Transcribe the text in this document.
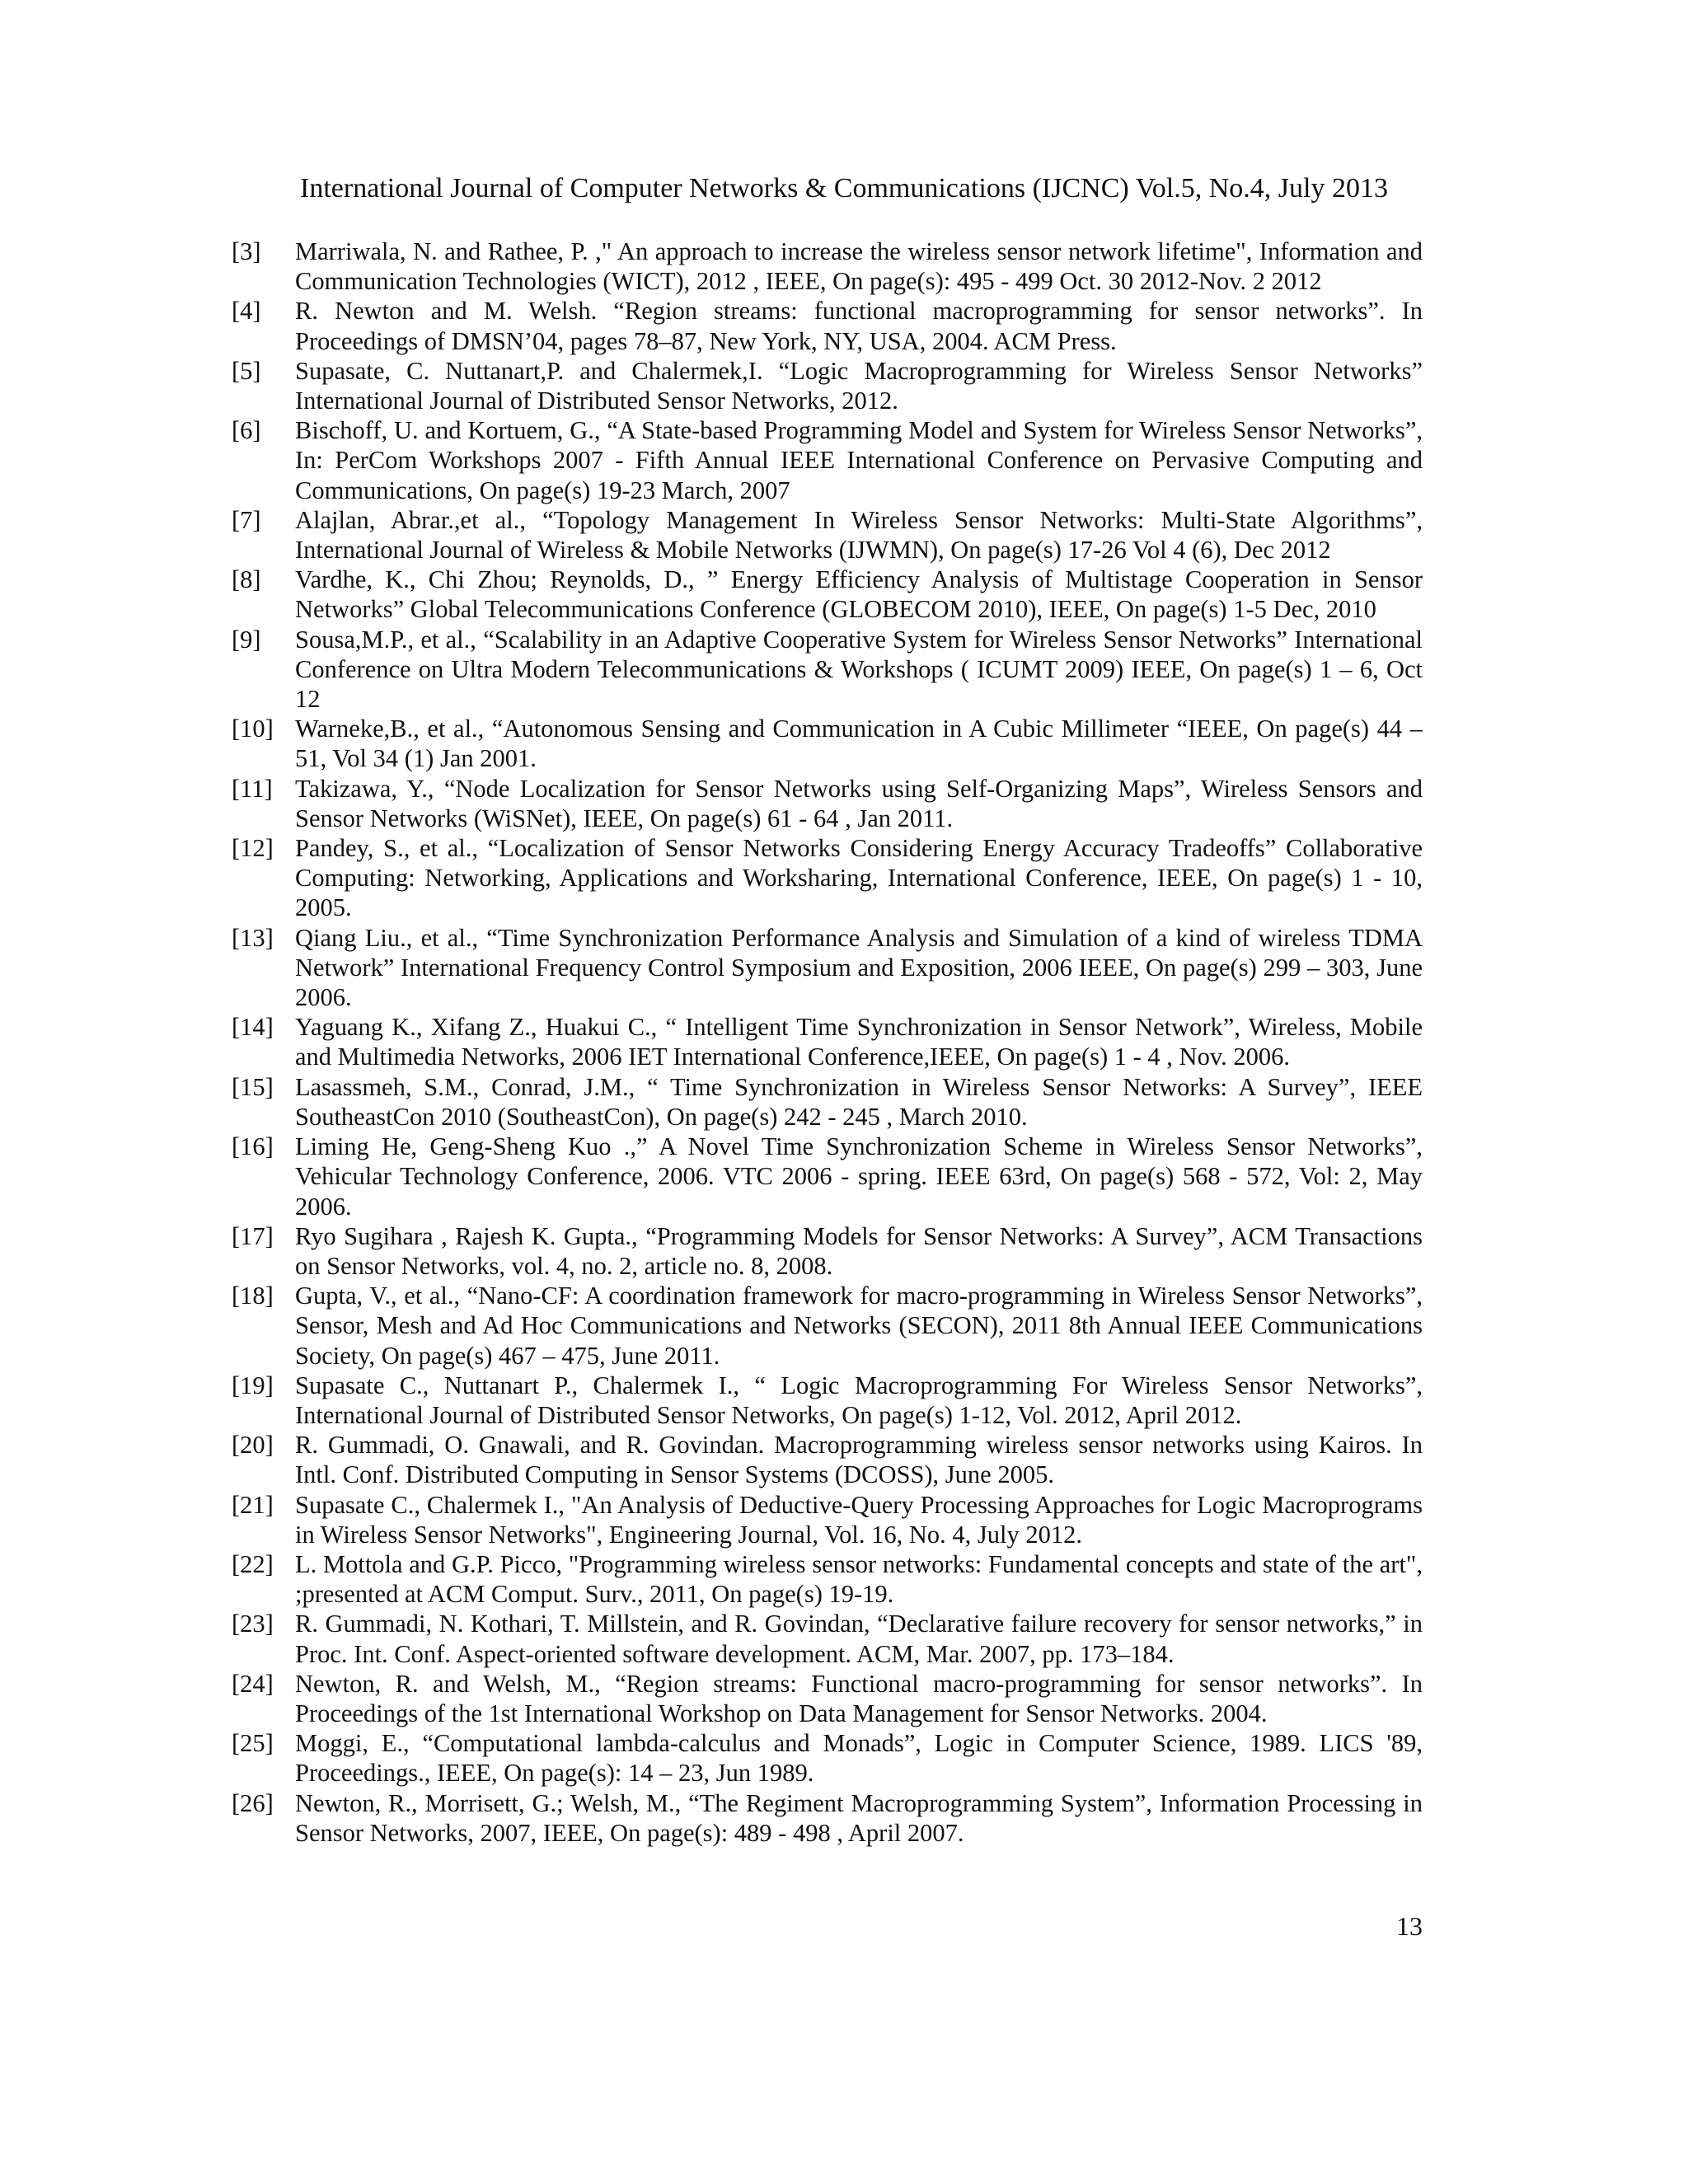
International Journal of Computer Networks & Communications (IJCNC) Vol.5, No.4, July 2013
[3]	Marriwala, N. and Rathee, P. ," An approach to increase the wireless sensor network lifetime", Information and Communication Technologies (WICT), 2012 , IEEE, On page(s): 495 - 499 Oct. 30 2012-Nov. 2 2012
[4]	R. Newton and M. Welsh. “Region streams: functional macroprogramming for sensor networks”. In Proceedings of DMSN’04, pages 78–87, New York, NY, USA, 2004. ACM Press.
[5]	Supasate, C. Nuttanart,P. and Chalermek,I. “Logic Macroprogramming for Wireless Sensor Networks” International Journal of Distributed Sensor Networks, 2012.
[6]	Bischoff, U. and Kortuem, G., “A State-based Programming Model and System for Wireless Sensor Networks”, In: PerCom Workshops 2007 - Fifth Annual IEEE International Conference on Pervasive Computing and Communications, On page(s) 19-23 March, 2007
[7]	Alajlan, Abrar.,et al., “Topology Management In Wireless Sensor Networks: Multi-State Algorithms”, International Journal of Wireless & Mobile Networks (IJWMN), On page(s) 17-26 Vol 4 (6), Dec 2012
[8]	Vardhe, K., Chi Zhou; Reynolds, D., ” Energy Efficiency Analysis of Multistage Cooperation in Sensor Networks” Global Telecommunications Conference (GLOBECOM 2010), IEEE, On page(s) 1-5 Dec, 2010
[9]	Sousa,M.P., et al., “Scalability in an Adaptive Cooperative System for Wireless Sensor Networks” International Conference on Ultra Modern Telecommunications & Workshops ( ICUMT 2009) IEEE, On page(s) 1 – 6, Oct 12
[10] Warneke,B., et al., “Autonomous Sensing and Communication in A Cubic Millimeter “IEEE, On page(s) 44 – 51, Vol 34 (1) Jan 2001.
[11] Takizawa, Y., “Node Localization for Sensor Networks using Self-Organizing Maps”, Wireless Sensors and Sensor Networks (WiSNet), IEEE, On page(s) 61 - 64 , Jan 2011.
[12] Pandey, S., et al., “Localization of Sensor Networks Considering Energy Accuracy Tradeoffs” Collaborative Computing: Networking, Applications and Worksharing, International Conference, IEEE, On page(s) 1 - 10, 2005.
[13] Qiang Liu., et al., “Time Synchronization Performance Analysis and Simulation of a kind of wireless TDMA Network” International Frequency Control Symposium and Exposition, 2006 IEEE, On page(s) 299 – 303, June 2006.
[14] Yaguang K., Xifang Z., Huakui C., “ Intelligent Time Synchronization in Sensor Network”, Wireless, Mobile and Multimedia Networks, 2006 IET International Conference,IEEE, On page(s) 1 - 4 , Nov. 2006.
[15] Lasassmeh, S.M., Conrad, J.M., “ Time Synchronization in Wireless Sensor Networks: A Survey”, IEEE SoutheastCon 2010 (SoutheastCon), On page(s) 242 - 245 , March 2010.
[16] Liming He, Geng-Sheng Kuo .,” A Novel Time Synchronization Scheme in Wireless Sensor Networks”, Vehicular Technology Conference, 2006. VTC 2006 - spring. IEEE 63rd, On page(s) 568 - 572, Vol: 2, May 2006.
[17] Ryo Sugihara , Rajesh K. Gupta., “Programming Models for Sensor Networks: A Survey”, ACM Transactions on Sensor Networks, vol. 4, no. 2, article no. 8, 2008.
[18] Gupta, V., et al., “Nano-CF: A coordination framework for macro-programming in Wireless Sensor Networks”, Sensor, Mesh and Ad Hoc Communications and Networks (SECON), 2011 8th Annual IEEE Communications Society, On page(s) 467 – 475, June 2011.
[19] Supasate C., Nuttanart P., Chalermek I., “ Logic Macroprogramming For Wireless Sensor Networks”, International Journal of Distributed Sensor Networks, On page(s) 1-12, Vol. 2012, April 2012.
[20] R. Gummadi, O. Gnawali, and R. Govindan. Macroprogramming wireless sensor networks using Kairos. In Intl. Conf. Distributed Computing in Sensor Systems (DCOSS), June 2005.
[21] Supasate C., Chalermek I., "An Analysis of Deductive-Query Processing Approaches for Logic Macroprograms in Wireless Sensor Networks", Engineering Journal, Vol. 16, No. 4, July 2012.
[22] L. Mottola and G.P. Picco, "Programming wireless sensor networks: Fundamental concepts and state of the art", ;presented at ACM Comput. Surv., 2011, On page(s) 19-19.
[23] R. Gummadi, N. Kothari, T. Millstein, and R. Govindan, “Declarative failure recovery for sensor networks,” in Proc. Int. Conf. Aspect-oriented software development. ACM, Mar. 2007, pp. 173–184.
[24] Newton, R. and Welsh, M., “Region streams: Functional macro-programming for sensor networks”. In Proceedings of the 1st International Workshop on Data Management for Sensor Networks. 2004.
[25] Moggi, E., “Computational lambda-calculus and Monads”, Logic in Computer Science, 1989. LICS '89, Proceedings., IEEE, On page(s): 14 – 23, Jun 1989.
[26] Newton, R., Morrisett, G.; Welsh, M., “The Regiment Macroprogramming System”, Information Processing in Sensor Networks, 2007, IEEE, On page(s): 489 - 498 , April 2007.
13
